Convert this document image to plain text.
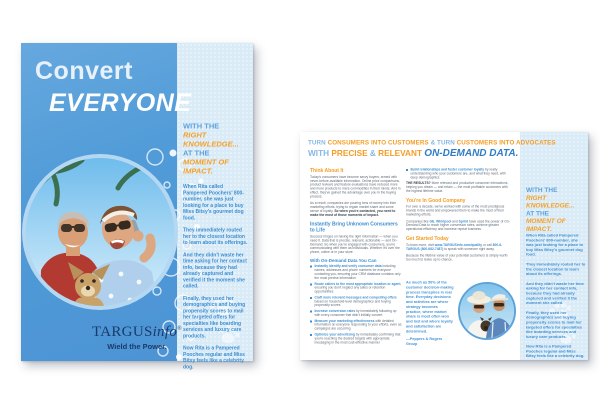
Convert
EVERYONE
TARGUSinfo®
Wield the Power.
WITH THE
RIGHT KNOWLEDGE...
AT THE
MOMENT OF IMPACT.

When Rita called Pampered Poochers' 800-number, she was just looking for a place to buy Miss Bitsy's gourmet dog food.

They immediately routed her to the closest location to learn about its offerings.

And they didn't waste her time asking for her contact info, because they had already captured and verified it the moment she called.

Finally, they used her demographics and buying propensity scores to mail her targeted offers for specialties like boarding services and luxury care products.

Now Rita is a Pampered Pooches regular and Miss Bitsy feels like a celebrity dog.

TURN CONSUMERS INTO CUSTOMERS & TURN CUSTOMERS INTO ADVOCATES
WITH PRECISE & RELEVANT ON-DEMAND DATA.
Think About It

Today's consumers have become savvy buyers, armed with never-before-available information. Online price comparisons, product reviews and feature evaluations have reduced more and more products to mere commodities in their minds. And in effect, they've gained the advantage over you in the buying process.

As a result, companies are pouring tons of money into their marketing efforts, trying to regain market share and some sense of loyalty. So when you're contacted, you need to make the most of those moments of impact.

Instantly Bring Unknown Consumers to Life

Success hinges on having the right information — when you need it. Data that is precise, relevant, actionable — and On-Demand. So when you're engaged with consumers, you're communicating with them as individuals. Whether it's over the phone, online or in your store.

With On-Demand Data You Can
Instantly identify and verify consumer data including names, addresses and phone numbers for everyone contacting you, ensuring your CRM database contains only the most precise information
Route callers to the most appropriate location or agent, ensuring you don't neglect any sales or retention opportunities
Craft more relevant messages and compelling offers based on household-level demographics and buying propensity scores
Increase conversion rates by immediately following up with every consumer that didn't initially convert
Measure your marketing effectiveness with detailed information on everyone responding to your efforts, even as campaigns are occurring
Optimize your advertising by immediately confirming that you're reaching the desired targets with appropriate messaging in the most cost-effective manner
Build relationships and foster customer loyalty by really understanding who your customers are, and what they need, with deep demographics

THE RESULTS? More relevant and productive consumer interactions, helping you obtain — and retain — the most profitable customers with the highest lifetime value.

You're In Good Company

For over a decade, we've worked with some of the most prestigious brands in the world and empowered them to make the most of their marketing efforts.

Companies like GE, Whirlpool and Sprint have used the power of On-Demand Data to reach higher conversion rates, achieve greater operational efficiency and increase repeat business.

Get Started Today

To learn more, visit www.TARGUSinfo.com/quality or call 800-6-TARGUS (800-682-7487) to speak with someone right away.

Because the lifetime value of your potential customers is simply worth too much to leave up to chance.

As much as 50% of the customer decision-making process transpires in real time. Everyday decisions and activities are where strategy becomes practice, where market share is most often won and lost and where loyalty and satisfaction are determined.
—Peppers & Rogers Group
WITH THE
RIGHT KNOWLEDGE...
AT THE
MOMENT OF IMPACT.

When Rita called Pampered Poochers' 800-number, she was just looking for a place to buy Miss Bitsy's gourmet dog food.

They immediately routed her to the closest location to learn about its offerings.

And they didn't waste her time asking for her contact info, because they had already captured and verified it the moment she called.

Finally, they used her demographics and buying propensity scores to mail her targeted offers for specialties like boarding services and luxury care products.

Now Rita is a Pampered Pooches regular and Miss Bitsy feels like a celebrity dog.
